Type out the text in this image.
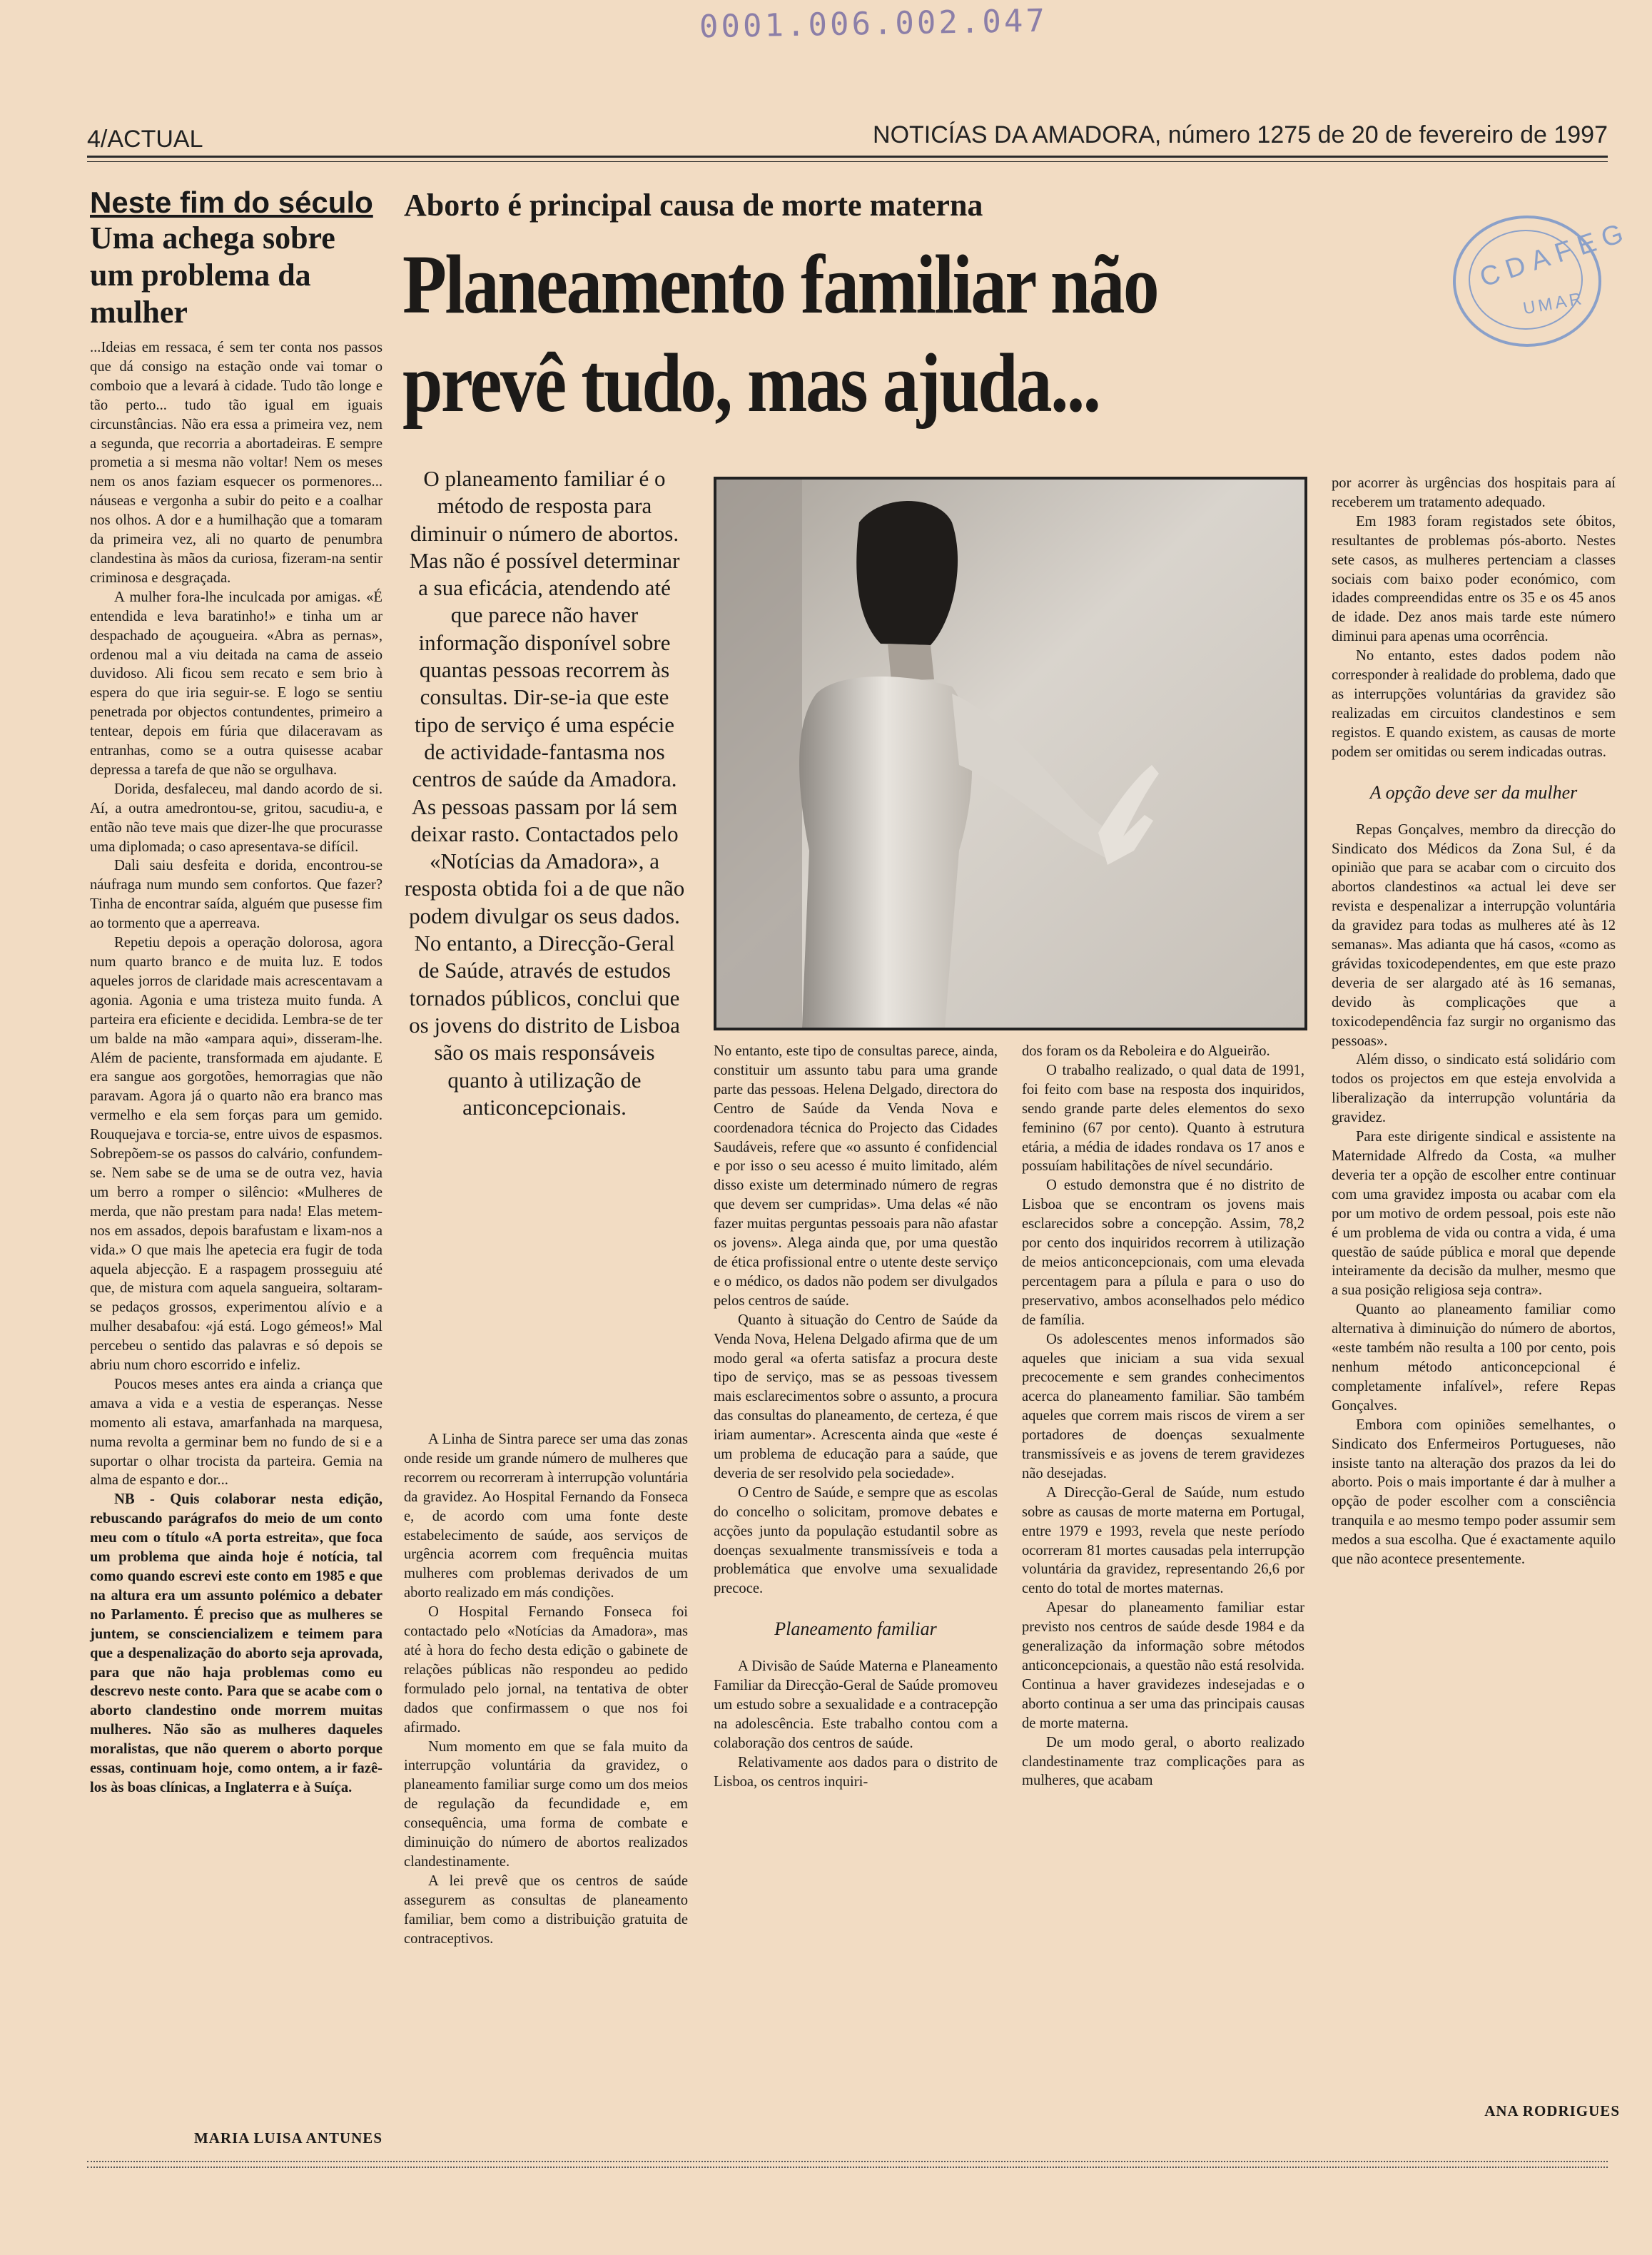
0001.006.002.047
4/ACTUAL	NOTICÍAS DA AMADORA, número 1275 de 20 de fevereiro de 1997
CDAFEG
UMAR
Neste fim do século
Uma achega sobre um problema da mulher

...Ideias em ressaca, é sem ter conta nos passos que dá consigo na estação onde vai tomar o comboio que a levará à cidade. Tudo tão longe e tão perto... tudo tão igual em iguais circunstâncias. Não era essa a primeira vez, nem a segunda, que recorria a abortadeiras. E sempre prometia a si mesma não voltar! Nem os meses nem os anos faziam esquecer os pormenores... náuseas e vergonha a subir do peito e a coalhar nos olhos. A dor e a humilhação que a tomaram da primeira vez, ali no quarto de penumbra clandestina às mãos da curiosa, fizeram-na sentir criminosa e desgraçada.

A mulher fora-lhe inculcada por amigas. «É entendida e leva baratinho!» e tinha um ar despachado de açougueira. «Abra as pernas», ordenou mal a viu deitada na cama de asseio duvidoso. Ali ficou sem recato e sem brio à espera do que iria seguir-se. E logo se sentiu penetrada por objectos contundentes, primeiro a tentear, depois em fúria que dilaceravam as entranhas, como se a outra quisesse acabar depressa a tarefa de que não se orgulhava.

Dorida, desfaleceu, mal dando acordo de si. Aí, a outra amedrontou-se, gritou, sacudiu-a, e então não teve mais que dizer-lhe que procurasse uma diplomada; o caso apresentava-se difícil.

Dali saiu desfeita e dorida, encontrou-se náufraga num mundo sem confortos. Que fazer? Tinha de encontrar saída, alguém que pusesse fim ao tormento que a aperreava.

Repetiu depois a operação dolorosa, agora num quarto branco e de muita luz. E todos aqueles jorros de claridade mais acrescentavam a agonia. Agonia e uma tristeza muito funda. A parteira era eficiente e decidida. Lembra-se de ter um balde na mão «ampara aqui», disseram-lhe. Além de paciente, transformada em ajudante. E era sangue aos gorgotões, hemorragias que não paravam. Agora já o quarto não era branco mas vermelho e ela sem forças para um gemido. Rouquejava e torcia-se, entre uivos de espasmos. Sobrepõem-se os passos do calvário, confundem-se. Nem sabe se de uma se de outra vez, havia um berro a romper o silêncio: «Mulheres de merda, que não prestam para nada! Elas metem-nos em assados, depois barafustam e lixam-nos a vida.» O que mais lhe apetecia era fugir de toda aquela abjecção. E a raspagem prosseguiu até que, de mistura com aquela sangueira, soltaram-se pedaços grossos, experimentou alívio e a mulher desabafou: «já está. Logo gémeos!» Mal percebeu o sentido das palavras e só depois se abriu num choro escorrido e infeliz.

Poucos meses antes era ainda a criança que amava a vida e a vestia de esperanças. Nesse momento ali estava, amarfanhada na marquesa, numa revolta a germinar bem no fundo de si e a suportar o olhar trocista da parteira. Gemia na alma de espanto e dor...

NB - Quis colaborar nesta edição, rebuscando parágrafos do meio de um conto meu com o título «A porta estreita», que foca um problema que ainda hoje é notícia, tal como quando escrevi este conto em 1985 e que na altura era um assunto polémico a debater no Parlamento. É preciso que as mulheres se juntem, se consciencializem e teimem para que a despenalização do aborto seja aprovada, para que não haja problemas como eu descrevo neste conto. Para que se acabe com o aborto clandestino onde morrem muitas mulheres. Não são as mulheres daqueles moralistas, que não querem o aborto porque essas, continuam hoje, como ontem, a ir fazê-los às boas clínicas, a Inglaterra e à Suíça.

MARIA LUISA ANTUNES
Aborto é principal causa de morte materna
Planeamento familiar não prevê tudo, mas ajuda...

O planeamento familiar é o método de resposta para diminuir o número de abortos. Mas não é possível determinar a sua eficácia, atendendo até que parece não haver informação disponível sobre quantas pessoas recorrem às consultas. Dir-se-ia que este tipo de serviço é uma espécie de actividade-fantasma nos centros de saúde da Amadora. As pessoas passam por lá sem deixar rasto. Contactados pelo «Notícias da Amadora», a resposta obtida foi a de que não podem divulgar os seus dados. No entanto, a Direcção-Geral de Saúde, através de estudos tornados públicos, conclui que os jovens do distrito de Lisboa são os mais responsáveis quanto à utilização de anticoncepcionais.

A Linha de Sintra parece ser uma das zonas onde reside um grande número de mulheres que recorrem ou recorreram à interrupção voluntária da gravidez. Ao Hospital Fernando da Fonseca e, de acordo com uma fonte deste estabelecimento de saúde, aos serviços de urgência acorrem com frequência muitas mulheres com problemas derivados de um aborto realizado em más condições.

O Hospital Fernando Fonseca foi contactado pelo «Notícias da Amadora», mas até à hora do fecho desta edição o gabinete de relações públicas não respondeu ao pedido formulado pelo jornal, na tentativa de obter dados que confirmassem o que nos foi afirmado.

Num momento em que se fala muito da interrupção voluntária da gravidez, o planeamento familiar surge como um dos meios de regulação da fecundidade e, em consequência, uma forma de combate e diminuição do número de abortos realizados clandestinamente.

A lei prevê que os centros de saúde assegurem as consultas de planeamento familiar, bem como a distribuição gratuita de contraceptivos.

No entanto, este tipo de consultas parece, ainda, constituir um assunto tabu para uma grande parte das pessoas. Helena Delgado, directora do Centro de Saúde da Venda Nova e coordenadora técnica do Projecto das Cidades Saudáveis, refere que «o assunto é confidencial e por isso o seu acesso é muito limitado, além disso existe um determinado número de regras que devem ser cumpridas». Uma delas «é não fazer muitas perguntas pessoais para não afastar os jovens». Alega ainda que, por uma questão de ética profissional entre o utente deste serviço e o médico, os dados não podem ser divulgados pelos centros de saúde.

Quanto à situação do Centro de Saúde da Venda Nova, Helena Delgado afirma que de um modo geral «a oferta satisfaz a procura deste tipo de serviço, mas se as pessoas tivessem mais esclarecimentos sobre o assunto, a procura das consultas do planeamento, de certeza, é que iriam aumentar». Acrescenta ainda que «este é um problema de educação para a saúde, que deveria de ser resolvido pela sociedade».

O Centro de Saúde, e sempre que as escolas do concelho o solicitam, promove debates e acções junto da população estudantil sobre as doenças sexualmente transmissíveis e toda a problemática que envolve uma sexualidade precoce.

Planeamento familiar

A Divisão de Saúde Materna e Planeamento Familiar da Direcção-Geral de Saúde promoveu um estudo sobre a sexualidade e a contracepção na adolescência. Este trabalho contou com a colaboração dos centros de saúde.

Relativamente aos dados para o distrito de Lisboa, os centros inquiri-

dos foram os da Reboleira e do Algueirão.

O trabalho realizado, o qual data de 1991, foi feito com base na resposta dos inquiridos, sendo grande parte deles elementos do sexo feminino (67 por cento). Quanto à estrutura etária, a média de idades rondava os 17 anos e possuíam habilitações de nível secundário.

O estudo demonstra que é no distrito de Lisboa que se encontram os jovens mais esclarecidos sobre a concepção. Assim, 78,2 por cento dos inquiridos recorrem à utilização de meios anticoncepcionais, com uma elevada percentagem para a pílula e para o uso do preservativo, ambos aconselhados pelo médico de família.

Os adolescentes menos informados são aqueles que iniciam a sua vida sexual precocemente e sem grandes conhecimentos acerca do planeamento familiar. São também aqueles que correm mais riscos de virem a ser portadores de doenças sexualmente transmissíveis e as jovens de terem gravidezes não desejadas.

A Direcção-Geral de Saúde, num estudo sobre as causas de morte materna em Portugal, entre 1979 e 1993, revela que neste período ocorreram 81 mortes causadas pela interrupção voluntária da gravidez, representando 26,6 por cento do total de mortes maternas.

Apesar do planeamento familiar estar previsto nos centros de saúde desde 1984 e da generalização da informação sobre métodos anticoncepcionais, a questão não está resolvida. Continua a haver gravidezes indesejadas e o aborto continua a ser uma das principais causas de morte materna.

De um modo geral, o aborto realizado clandestinamente traz complicações para as mulheres, que acabam

por acorrer às urgências dos hospitais para aí receberem um tratamento adequado.

Em 1983 foram registados sete óbitos, resultantes de problemas pós-aborto. Nestes sete casos, as mulheres pertenciam a classes sociais com baixo poder económico, com idades compreendidas entre os 35 e os 45 anos de idade. Dez anos mais tarde este número diminui para apenas uma ocorrência.

No entanto, estes dados podem não corresponder à realidade do problema, dado que as interrupções voluntárias da gravidez são realizadas em circuitos clandestinos e sem registos. E quando existem, as causas de morte podem ser omitidas ou serem indicadas outras.

A opção deve ser da mulher

Repas Gonçalves, membro da direcção do Sindicato dos Médicos da Zona Sul, é da opinião que para se acabar com o circuito dos abortos clandestinos «a actual lei deve ser revista e despenalizar a interrupção voluntária da gravidez para todas as mulheres até às 12 semanas». Mas adianta que há casos, «como as grávidas toxicodependentes, em que este prazo deveria de ser alargado até às 16 semanas, devido às complicações que a toxicodependência faz surgir no organismo das pessoas».

Além disso, o sindicato está solidário com todos os projectos em que esteja envolvida a liberalização da interrupção voluntária da gravidez.

Para este dirigente sindical e assistente na Maternidade Alfredo da Costa, «a mulher deveria ter a opção de escolher entre continuar com uma gravidez imposta ou acabar com ela por um motivo de ordem pessoal, pois este não é um problema de vida ou contra a vida, é uma questão de saúde pública e moral que depende inteiramente da decisão da mulher, mesmo que a sua posição religiosa seja contra».

Quanto ao planeamento familiar como alternativa à diminuição do número de abortos, «este também não resulta a 100 por cento, pois nenhum método anticoncepcional é completamente infalível», refere Repas Gonçalves.

Embora com opiniões semelhantes, o Sindicato dos Enfermeiros Portugueses, não insiste tanto na alteração dos prazos da lei do aborto. Pois o mais importante é dar à mulher a opção de poder escolher com a consciência tranquila e ao mesmo tempo poder assumir sem medos a sua escolha. Que é exactamente aquilo que não acontece presentemente.

ANA RODRIGUES
